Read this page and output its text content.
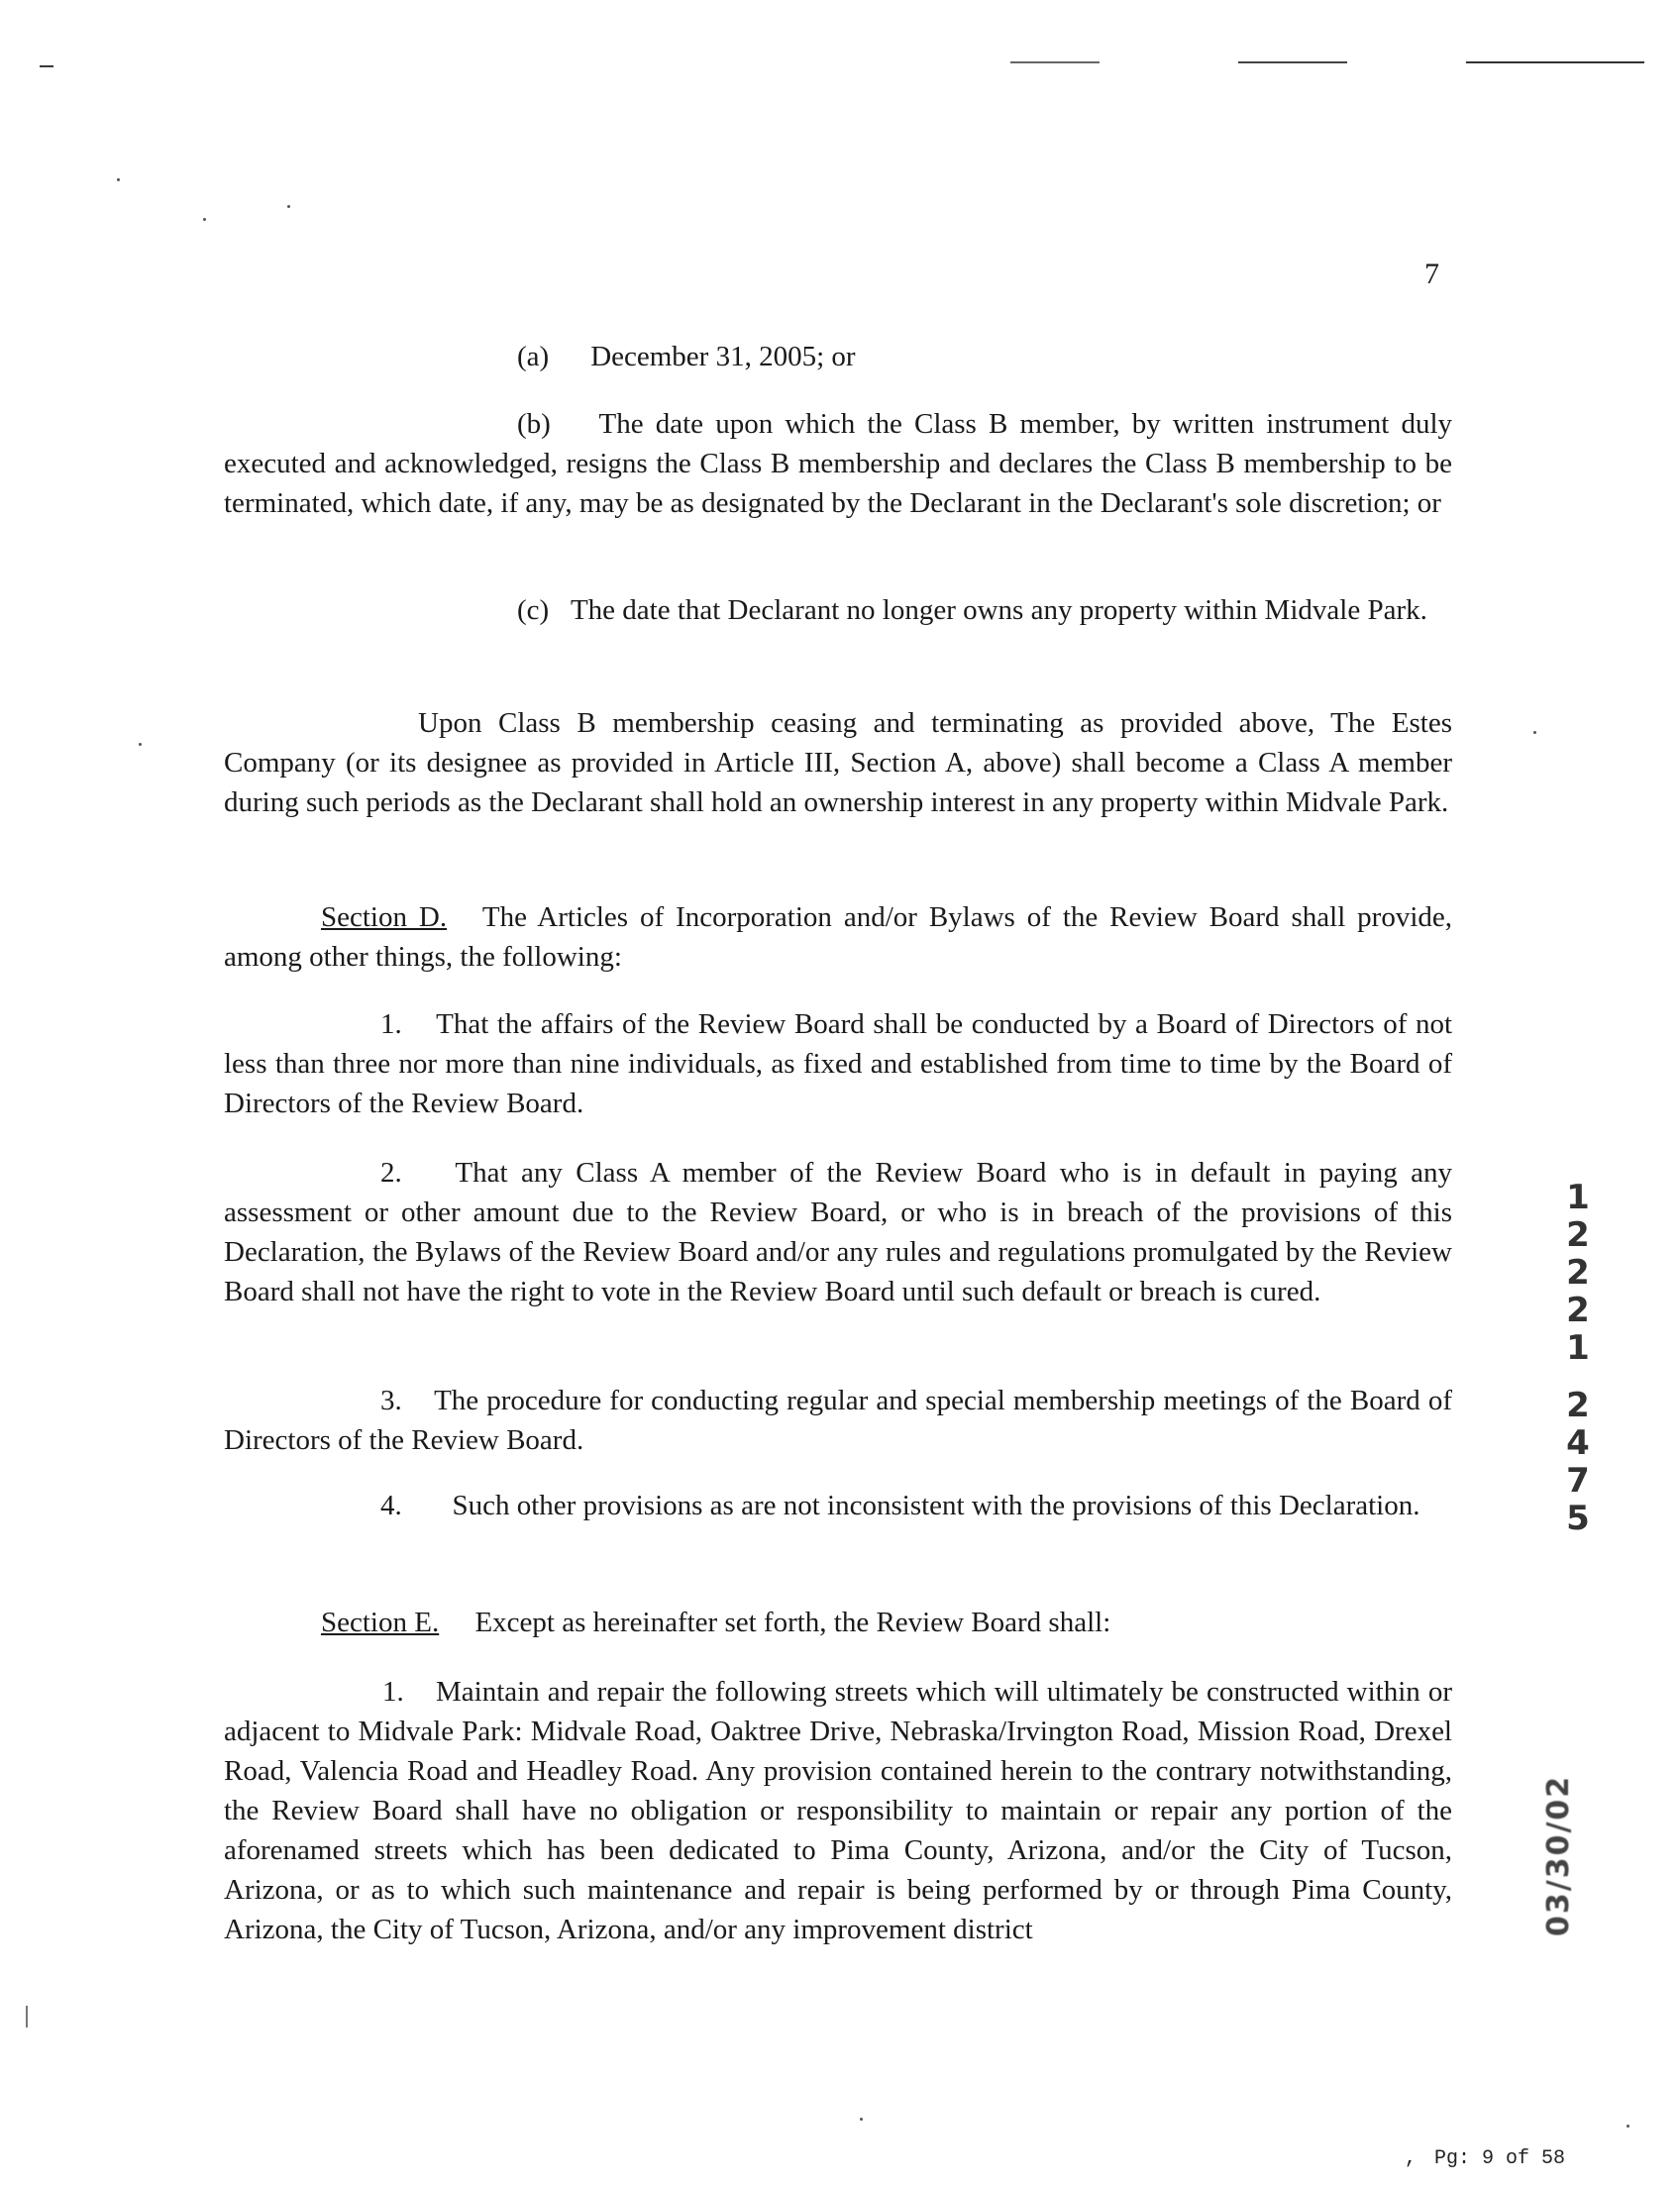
7

(a) December 31, 2005; or

(b) The date upon which the Class B member, by written instrument duly executed and acknowledged, resigns the Class B membership and declares the Class B membership to be terminated, which date, if any, may be as designated by the Declarant in the Declarant's sole discretion; or

(c) The date that Declarant no longer owns any property within Midvale Park.

Upon Class B membership ceasing and terminating as provided above, The Estes Company (or its designee as provided in Article III, Section A, above) shall become a Class A member during such periods as the Declarant shall hold an ownership interest in any property within Midvale Park.

Section D. The Articles of Incorporation and/or Bylaws of the Review Board shall provide, among other things, the following:

1. That the affairs of the Review Board shall be conducted by a Board of Directors of not less than three nor more than nine individuals, as fixed and established from time to time by the Board of Directors of the Review Board.

2. That any Class A member of the Review Board who is in default in paying any assessment or other amount due to the Review Board, or who is in breach of the provisions of this Declaration, the Bylaws of the Review Board and/or any rules and regulations promulgated by the Review Board shall not have the right to vote in the Review Board until such default or breach is cured.

3. The procedure for conducting regular and special membership meetings of the Board of Directors of the Review Board.

4. Such other provisions as are not inconsistent with the provisions of this Declaration.

Section E. Except as hereinafter set forth, the Review Board shall:

1. Maintain and repair the following streets which will ultimately be constructed within or adjacent to Midvale Park: Midvale Road, Oaktree Drive, Nebraska/Irvington Road, Mission Road, Drexel Road, Valencia Road and Headley Road. Any provision contained herein to the contrary notwithstanding, the Review Board shall have no obligation or responsibility to maintain or repair any portion of the aforenamed streets which has been dedicated to Pima County, Arizona, and/or the City of Tucson, Arizona, or as to which such maintenance and repair is being performed by or through Pima County, Arizona, the City of Tucson, Arizona, and/or any improvement district

1
2
2
2
1
2
4
7
5
03/30/02
, Pg: 9 of 58
